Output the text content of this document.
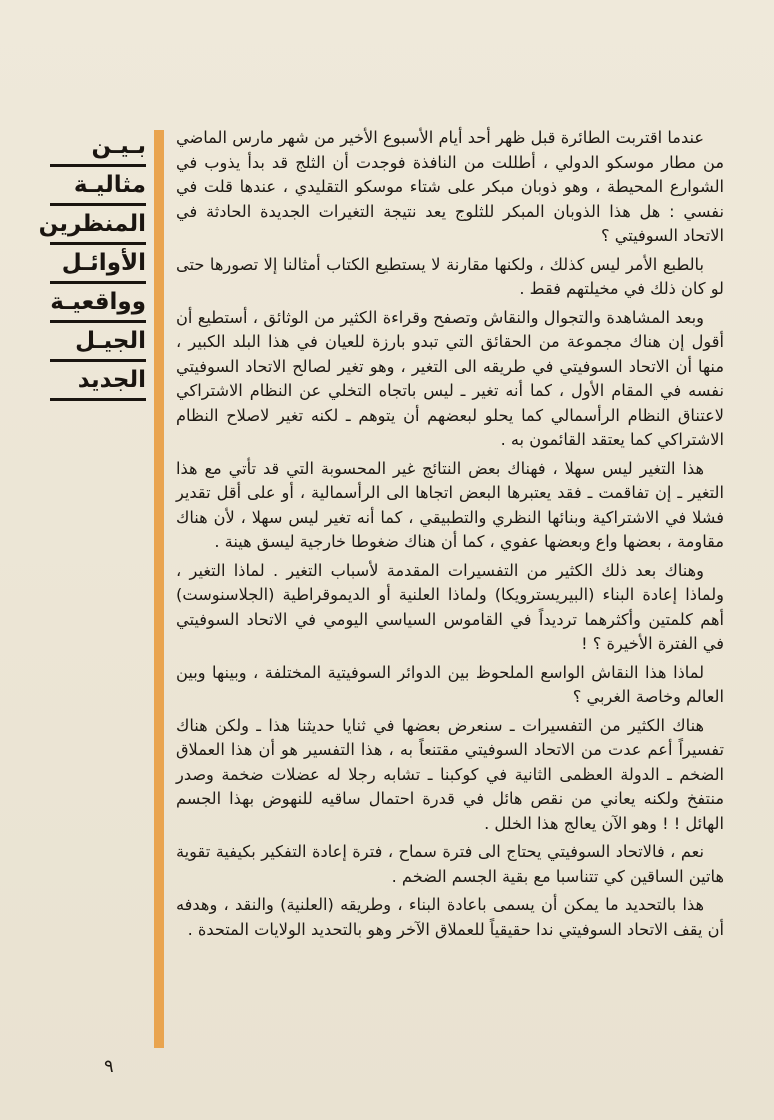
بـيـن
مثاليـة
المنظرين
الأوائـل
وواقعيـة
الجيـل
الجديد

عندما اقتربت الطائرة قبل ظهر أحد أيام الأسبوع الأخير من شهر مارس الماضي من مطار موسكو الدولي ، أطللت من النافذة فوجدت أن الثلج قد بدأ يذوب في الشوارع المحيطة ، وهو ذوبان مبكر على شتاء موسكو التقليدي ، عندها قلت في نفسي : هل هذا الذوبان المبكر للثلوج يعد نتيجة التغيرات الجديدة الحادثة في الاتحاد السوفيتي ؟

بالطبع الأمر ليس كذلك ، ولكنها مقارنة لا يستطيع الكتاب أمثالنا إلا تصورها حتى لو كان ذلك في مخيلتهم فقط .

وبعد المشاهدة والتجوال والنقاش وتصفح وقراءة الكثير من الوثائق ، أستطيع أن أقول إن هناك مجموعة من الحقائق التي تبدو بارزة للعيان في هذا البلد الكبير ، منها أن الاتحاد السوفيتي في طريقه الى التغير ، وهو تغير لصالح الاتحاد السوفيتي نفسه في المقام الأول ، كما أنه تغير ـ ليس باتجاه التخلي عن النظام الاشتراكي لاعتناق النظام الرأسمالي كما يحلو لبعضهم أن يتوهم ـ لكنه تغير لاصلاح النظام الاشتراكي كما يعتقد القائمون به .

هذا التغير ليس سهلا ، فهناك بعض النتائج غير المحسوبة التي قد تأتي مع هذا التغير ـ إن تفاقمت ـ فقد يعتبرها البعض اتجاها الى الرأسمالية ، أو على أقل تقدير فشلا في الاشتراكية وبنائها النظري والتطبيقي ، كما أنه تغير ليس سهلا ، لأن هناك مقاومة ، بعضها واع وبعضها عفوي ، كما أن هناك ضغوطا خارجية ليسق هينة .

وهناك بعد ذلك الكثير من التفسيرات المقدمة لأسباب التغير . لماذا التغير ، ولماذا إعادة البناء (البيريسترويكا) ولماذا العلنية أو الديموقراطية (الجلاسنوست) أهم كلمتين وأكثرهما ترديداً في القاموس السياسي اليومي في الاتحاد السوفيتي في الفترة الأخيرة ؟ !

لماذا هذا النقاش الواسع الملحوظ بين الدوائر السوفيتية المختلفة ، وبينها وبين العالم وخاصة الغربي ؟

هناك الكثير من التفسيرات ـ سنعرض بعضها في ثنايا حديثنا هذا ـ ولكن هناك تفسيراً أعم عدت من الاتحاد السوفيتي مقتنعاً به ، هذا التفسير هو أن هذا العملاق الضخم ـ الدولة العظمى الثانية في كوكبنا ـ تشابه رجلا له عضلات ضخمة وصدر منتفخ ولكنه يعاني من نقص هائل في قدرة احتمال ساقيه للنهوض بهذا الجسم الهائل ! ! وهو الآن يعالج هذا الخلل .

نعم ، فالاتحاد السوفيتي يحتاج الى فترة سماح ، فترة إعادة التفكير بكيفية تقوية هاتين الساقين كي تتناسبا مع بقية الجسم الضخم .

هذا بالتحديد ما يمكن أن يسمى باعادة البناء ، وطريقه (العلنية) والنقد ، وهدفه أن يقف الاتحاد السوفيتي ندا حقيقياً للعملاق الآخر وهو بالتحديد الولايات المتحدة .

٩
